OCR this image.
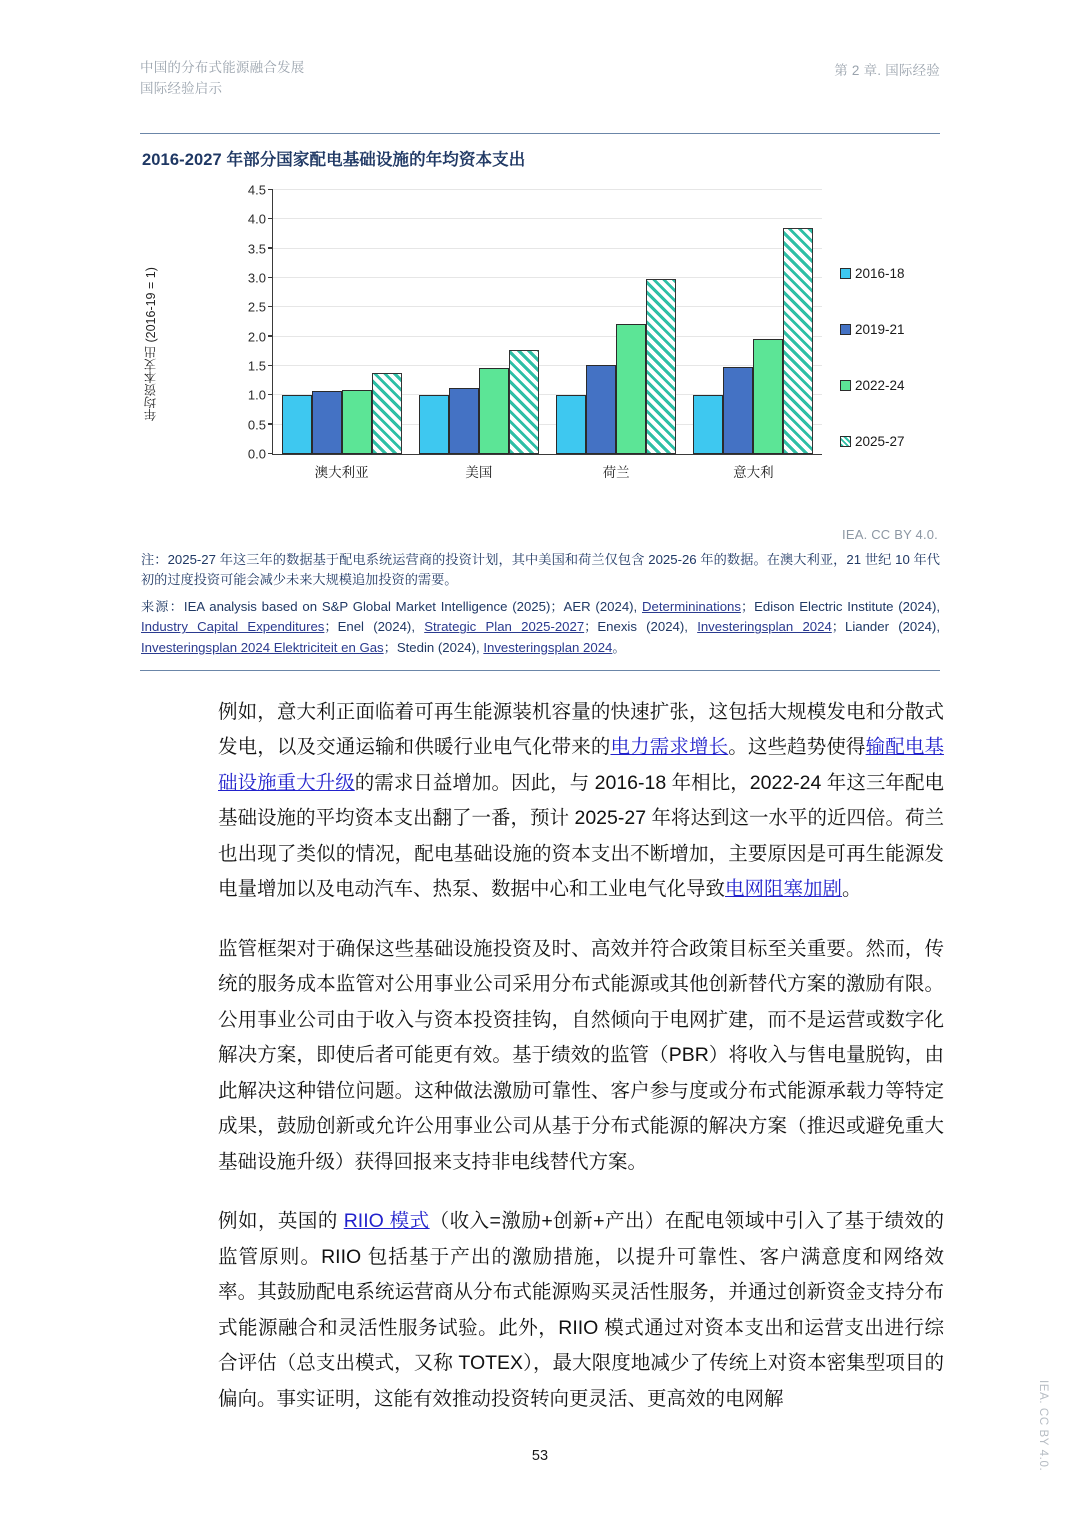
中国的分布式能源融合发展
国际经验启示
第 2 章. 国际经验
2016-2027 年部分国家配电基础设施的年均资本支出
年均资本支出 (2016-19 = 1)
0.0
0.5
1.0
1.5
2.0
2.5
3.0
3.5
4.0
4.5
澳大利亚	美国	荷兰	意大利
2016-18
2019-21
2022-24
2025-27
IEA. CC BY 4.0.
注：2025-27 年这三年的数据基于配电系统运营商的投资计划，其中美国和荷兰仅包含 2025-26 年的数据。在澳大利亚，21 世纪 10 年代初的过度投资可能会减少未来大规模追加投资的需要。
来源：IEA analysis based on S&P Global Market Intelligence (2025)；AER (2024), Determininations；Edison Electric Institute (2024), Industry Capital Expenditures；Enel (2024), Strategic Plan 2025-2027；Enexis (2024), Investeringsplan 2024；Liander (2024), Investeringsplan 2024 Elektriciteit en Gas；Stedin (2024), Investeringsplan 2024。

例如，意大利正面临着可再生能源装机容量的快速扩张，这包括大规模发电和分散式发电，以及交通运输和供暖行业电气化带来的电力需求增长。这些趋势使得输配电基础设施重大升级的需求日益增加。因此，与 2016-18 年相比，2022-24 年这三年配电基础设施的平均资本支出翻了一番，预计 2025-27 年将达到这一水平的近四倍。荷兰也出现了类似的情况，配电基础设施的资本支出不断增加，主要原因是可再生能源发电量增加以及电动汽车、热泵、数据中心和工业电气化导致电网阻塞加剧。

监管框架对于确保这些基础设施投资及时、高效并符合政策目标至关重要。然而，传统的服务成本监管对公用事业公司采用分布式能源或其他创新替代方案的激励有限。公用事业公司由于收入与资本投资挂钩，自然倾向于电网扩建，而不是运营或数字化解决方案，即使后者可能更有效。基于绩效的监管（PBR）将收入与售电量脱钩，由此解决这种错位问题。这种做法激励可靠性、客户参与度或分布式能源承载力等特定成果，鼓励创新或允许公用事业公司从基于分布式能源的解决方案（推迟或避免重大基础设施升级）获得回报来支持非电线替代方案。

例如，英国的 RIIO 模式（收入=激励+创新+产出）在配电领域中引入了基于绩效的监管原则。RIIO 包括基于产出的激励措施，以提升可靠性、客户满意度和网络效率。其鼓励配电系统运营商从分布式能源购买灵活性服务，并通过创新资金支持分布式能源融合和灵活性服务试验。此外，RIIO 模式通过对资本支出和运营支出进行综合评估（总支出模式，又称 TOTEX），最大限度地减少了传统上对资本密集型项目的偏向。事实证明，这能有效推动投资转向更灵活、更高效的电网解

53	IEA. CC BY 4.0.
